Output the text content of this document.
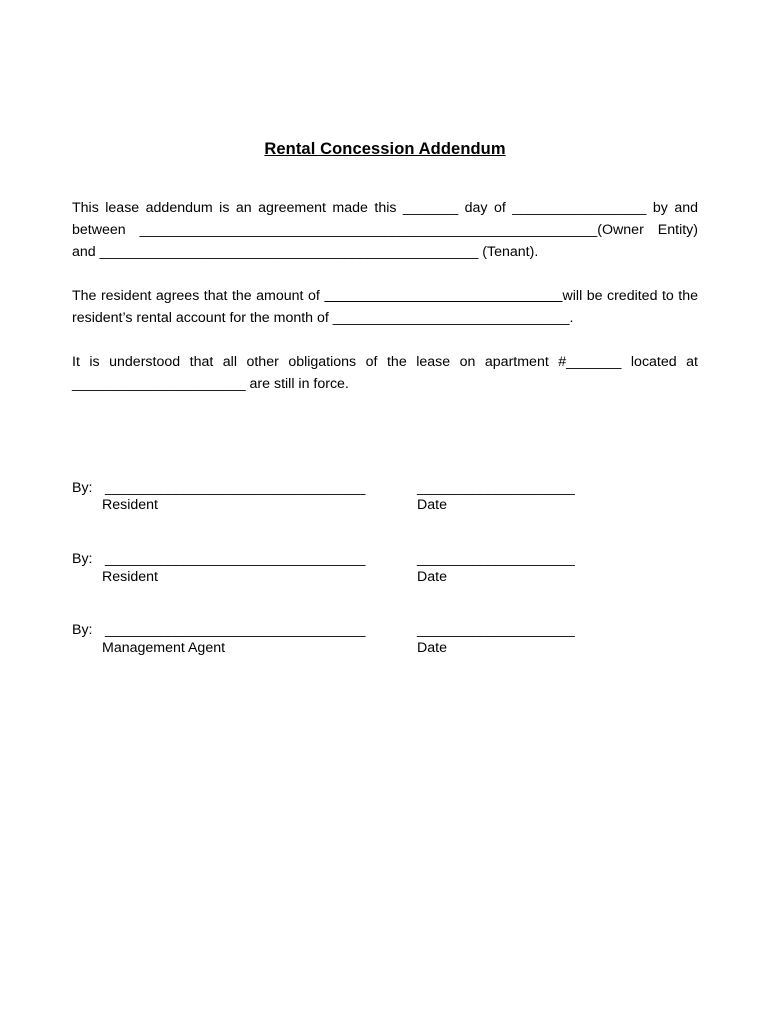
Rental Concession Addendum
This lease addendum is an agreement made this _______ day of _________________ by and
between __________________________________________________________(Owner Entity)
and ________________________________________________ (Tenant).
The resident agrees that the amount of	will be credited to the
resident’s rental account for the month of ______________________________.
It is understood that all other obligations of the lease on apartment #_______ located at
______________________ are still in force.
By: _________________________________	____________________
Resident	Date
By: _________________________________	____________________
Resident	Date
By: _________________________________	____________________
Management Agent	Date
